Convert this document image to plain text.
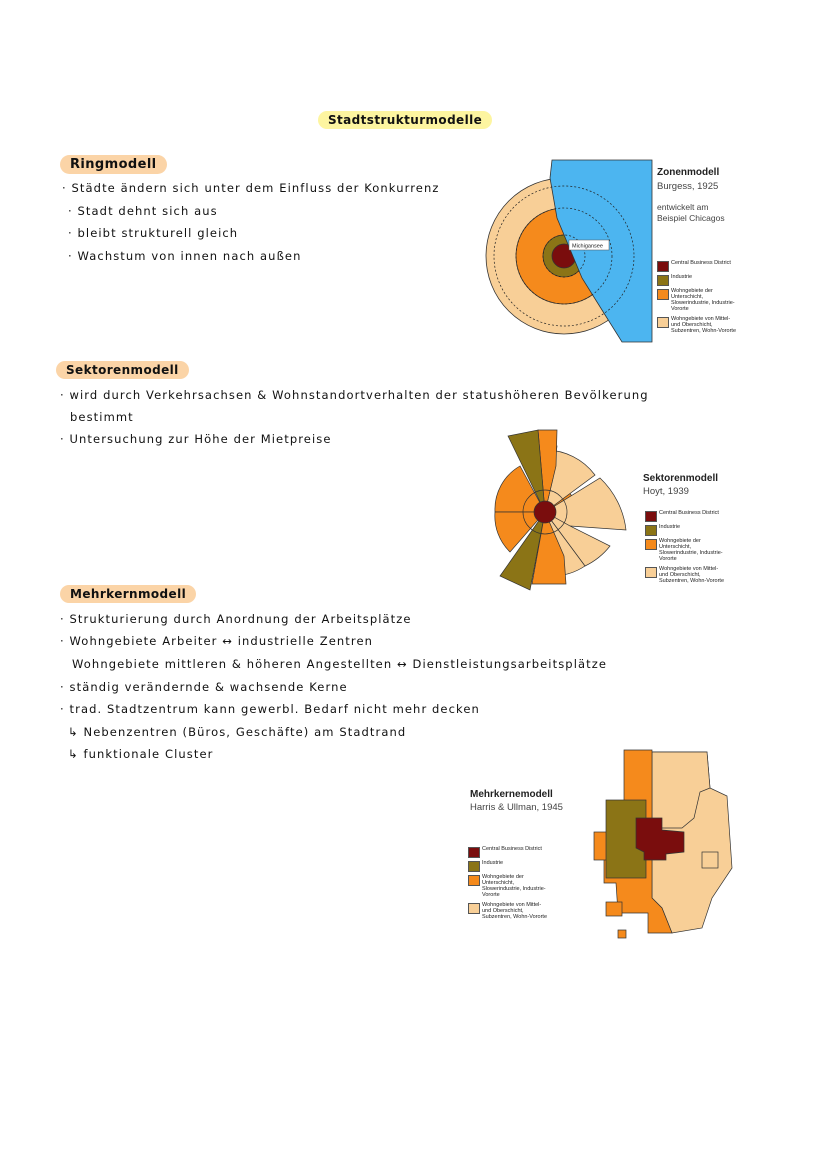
Stadtstrukturmodelle
Ringmodell
· Städte ändern sich unter dem Einfluss der Konkurrenz
· Stadt dehnt sich aus
· bleibt strukturell gleich
· Wachstum von innen nach außen
Michigansee
Zonenmodell
Burgess, 1925
entwickelt am
Beispiel Chicagos
Central Business District
Industrie
Wohngebiete der Unterschicht, Slowerindustrie, Industrie-Vororte
Wohngebiete von Mittel- und Oberschicht, Subzentren, Wohn-Vororte
Sektorenmodell
· wird durch Verkehrsachsen & Wohnstandortverhalten der statushöheren Bevölkerung
bestimmt
· Untersuchung zur Höhe der Mietpreise
Sektorenmodell
Hoyt, 1939
Central Business District
Industrie
Wohngebiete der Unterschicht, Slowerindustrie, Industrie-Vororte
Wohngebiete von Mittel- und Oberschicht, Subzentren, Wohn-Vororte
Mehrkernmodell
· Strukturierung durch Anordnung der Arbeitsplätze
· Wohngebiete Arbeiter ↔ industrielle Zentren
Wohngebiete mittleren & höheren Angestellten ↔ Dienstleistungsarbeitsplätze
· ständig verändernde & wachsende Kerne
· trad. Stadtzentrum kann gewerbl. Bedarf nicht mehr decken
↳ Nebenzentren (Büros, Geschäfte) am Stadtrand
↳ funktionale Cluster
Mehrkernemodell
Harris & Ullman, 1945
Central Business District
Industrie
Wohngebiete der Unterschicht, Slowerindustrie, Industrie-Vororte
Wohngebiete von Mittel- und Oberschicht, Subzentren, Wohn-Vororte
